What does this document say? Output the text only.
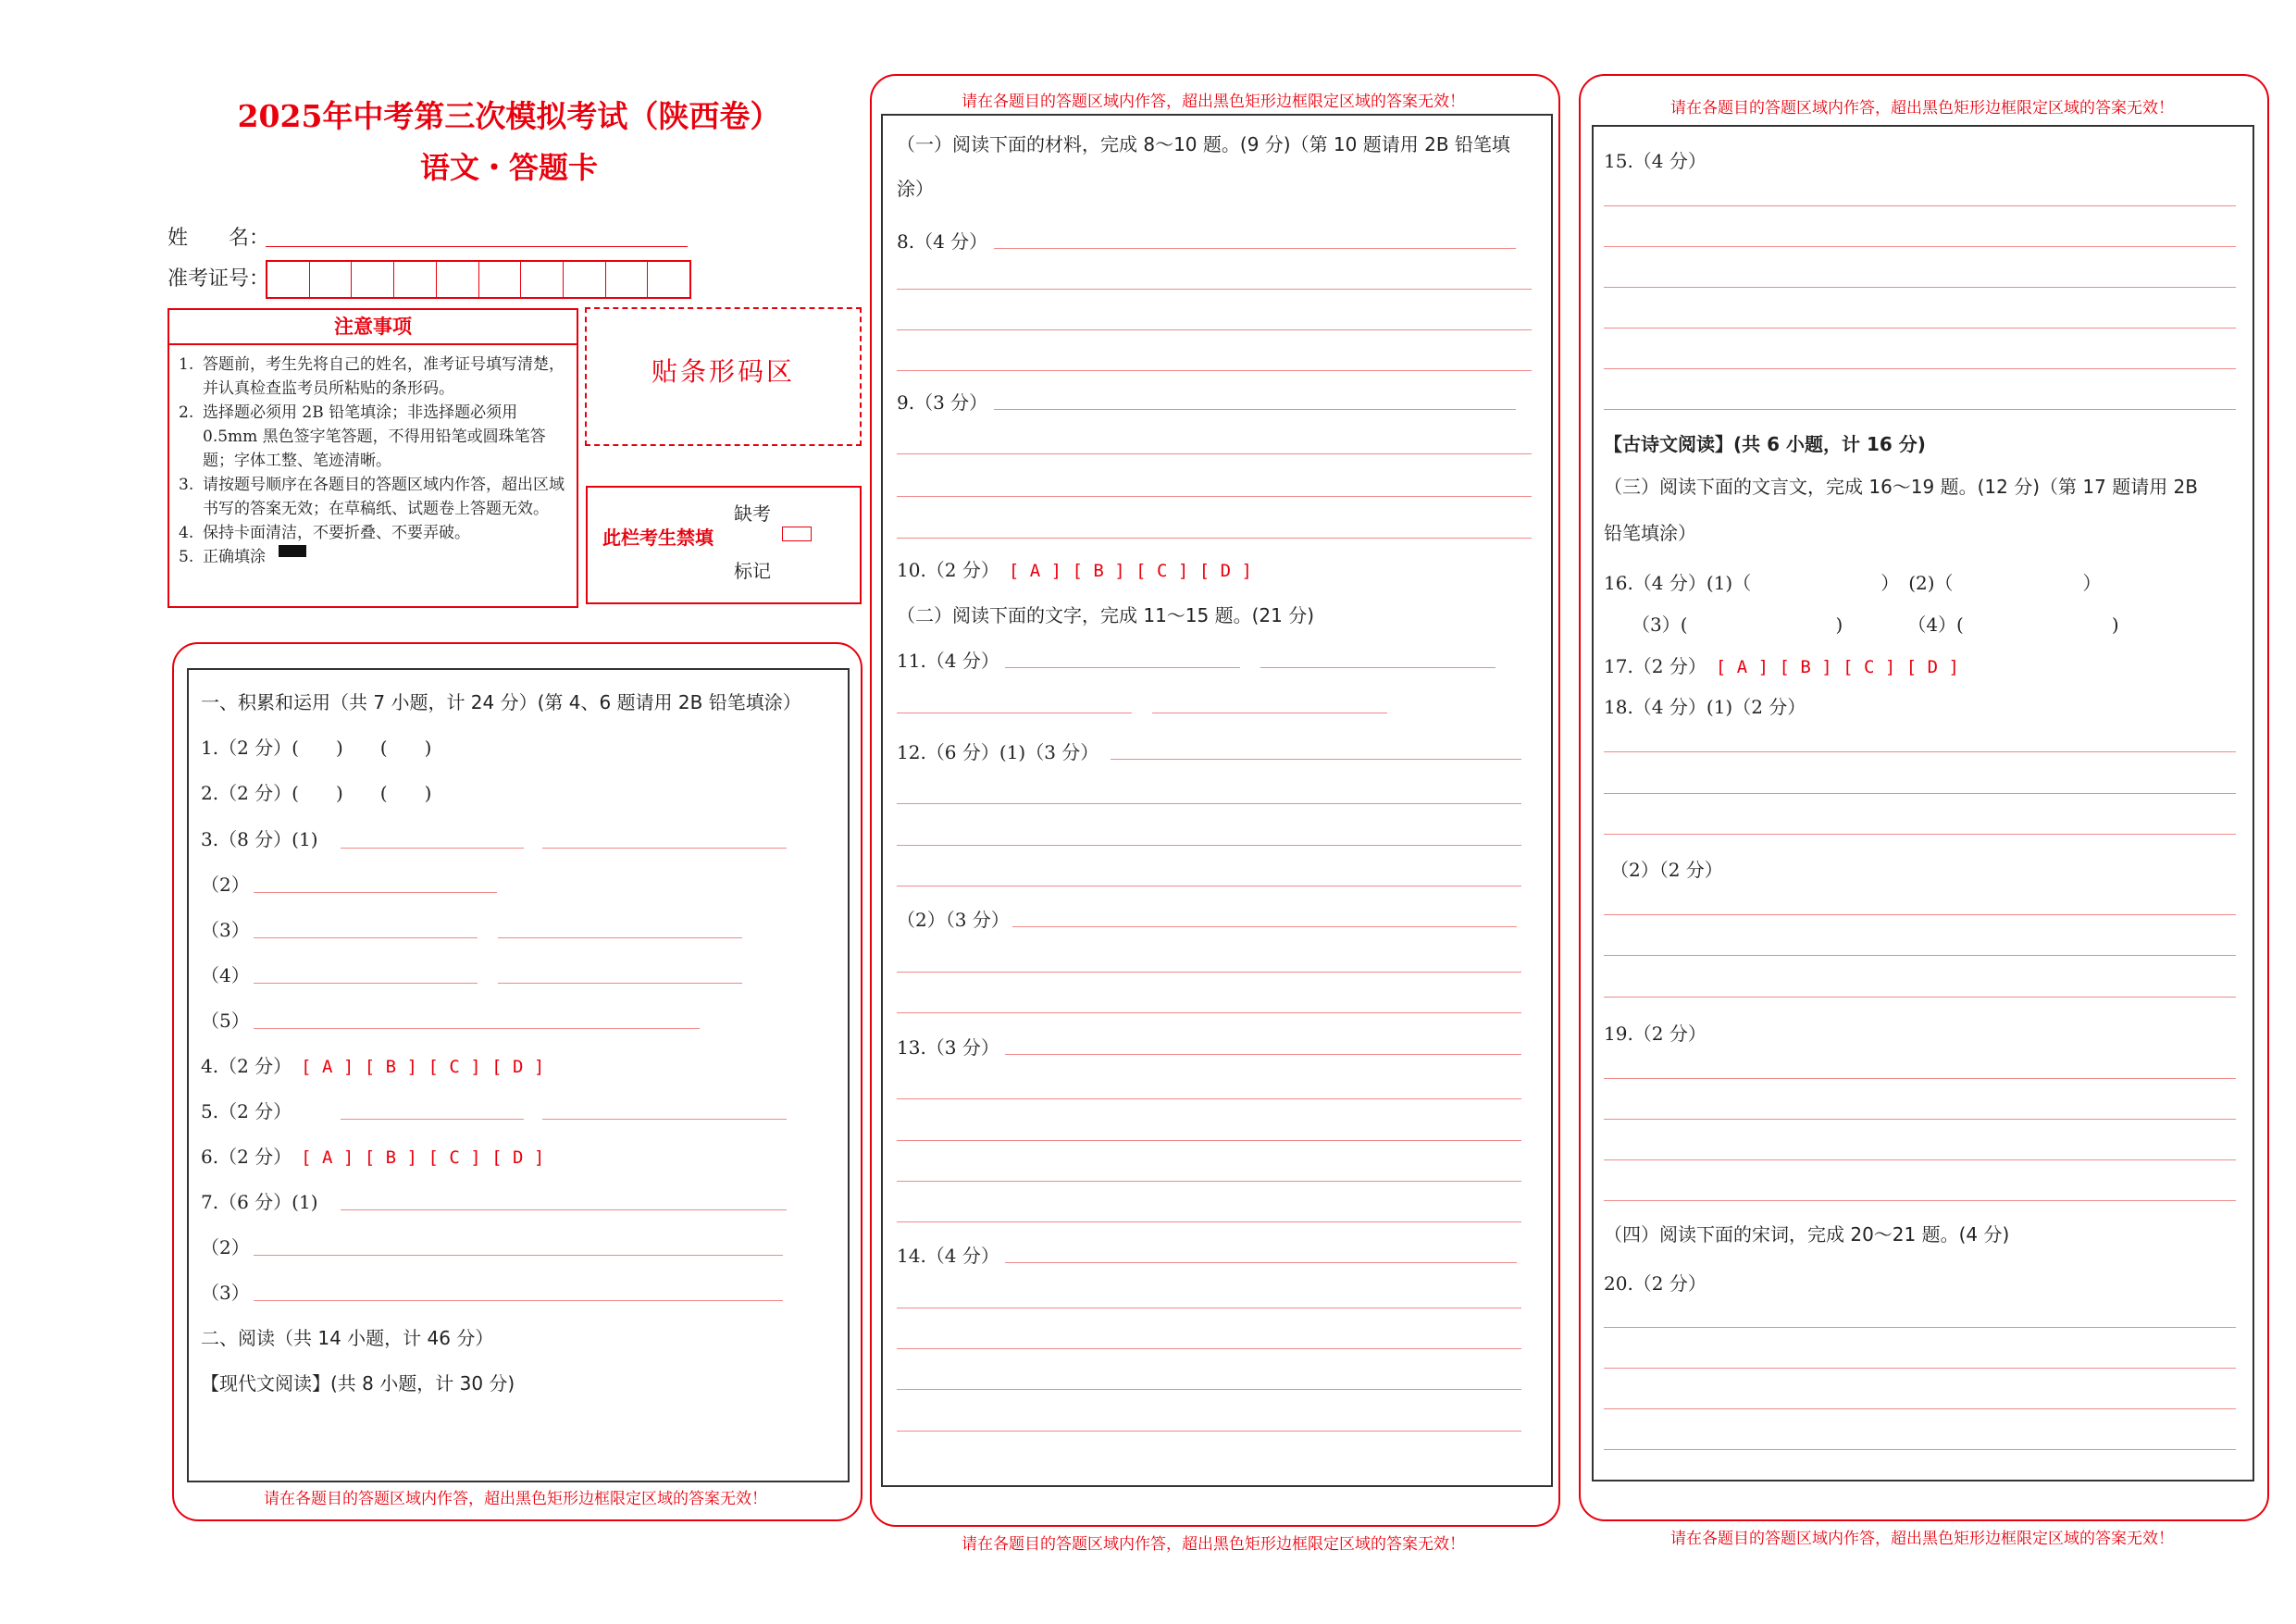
2025年中考第三次模拟考试（陕西卷）
语文・答题卡
姓　　名：
准考证号：
注意事项
1. 答题前，考生先将自己的姓名，准考证号填写清楚，并认真检查监考员所粘贴的条形码。
2. 选择题必须用 2B 铅笔填涂；非选择题必须用 0.5mm 黑色签字笔答题，不得用铅笔或圆珠笔答题；字体工整、笔迹清晰。
3. 请按题号顺序在各题目的答题区域内作答，超出区域书写的答案无效；在草稿纸、试题卷上答题无效。
4. 保持卡面清洁，不要折叠、不要弄破。
5. 正确填涂
贴条形码区
此栏考生禁填
缺考
标记
请在各题目的答题区域内作答，超出黑色矩形边框限定区域的答案无效！
一、积累和运用（共 7 小题，计 24 分）(第 4、6 题请用 2B 铅笔填涂）
1.（2 分）(　　)　　(　　)
2.（2 分）(　　)　　(　　)
3.（8 分）(1)
（2）
（3）
（4）
（5）
4.（2 分） [ A ] [ B ] [ C ] [ D ]
5.（2 分）
6.（2 分） [ A ] [ B ] [ C ] [ D ]
7.（6 分）(1)
（2）
（3）
二、阅读（共 14 小题，计 46 分）
【现代文阅读】(共 8 小题，计 30 分)
请在各题目的答题区域内作答，超出黑色矩形边框限定区域的答案无效！
请在各题目的答题区域内作答，超出黑色矩形边框限定区域的答案无效！
（一）阅读下面的材料，完成 8～10 题。(9 分)（第 10 题请用 2B 铅笔填
涂）
8.（4 分）
9.（3 分）
10.（2 分） [ A ] [ B ] [ C ] [ D ]
（二）阅读下面的文字，完成 11～15 题。(21 分)
11.（4 分）
12.（6 分）(1)（3 分）
（2）（3 分）
13.（3 分）
14.（4 分）
请在各题目的答题区域内作答，超出黑色矩形边框限定区域的答案无效！
请在各题目的答题区域内作答，超出黑色矩形边框限定区域的答案无效！
15.（4 分）
【古诗文阅读】(共 6 小题，计 16 分)
（三）阅读下面的文言文，完成 16～19 题。(12 分)（第 17 题请用 2B
铅笔填涂）
16.（4 分）(1)（　　　　　　　）　(2)（　　　　　　　）
（3）(　　　　　　　　)　　　　（4）(　　　　　　　　)
17.（2 分） [ A ] [ B ] [ C ] [ D ]
18.（4 分）(1)（2 分）
（2）（2 分）
19.（2 分）
（四）阅读下面的宋词，完成 20～21 题。(4 分)
20.（2 分）
